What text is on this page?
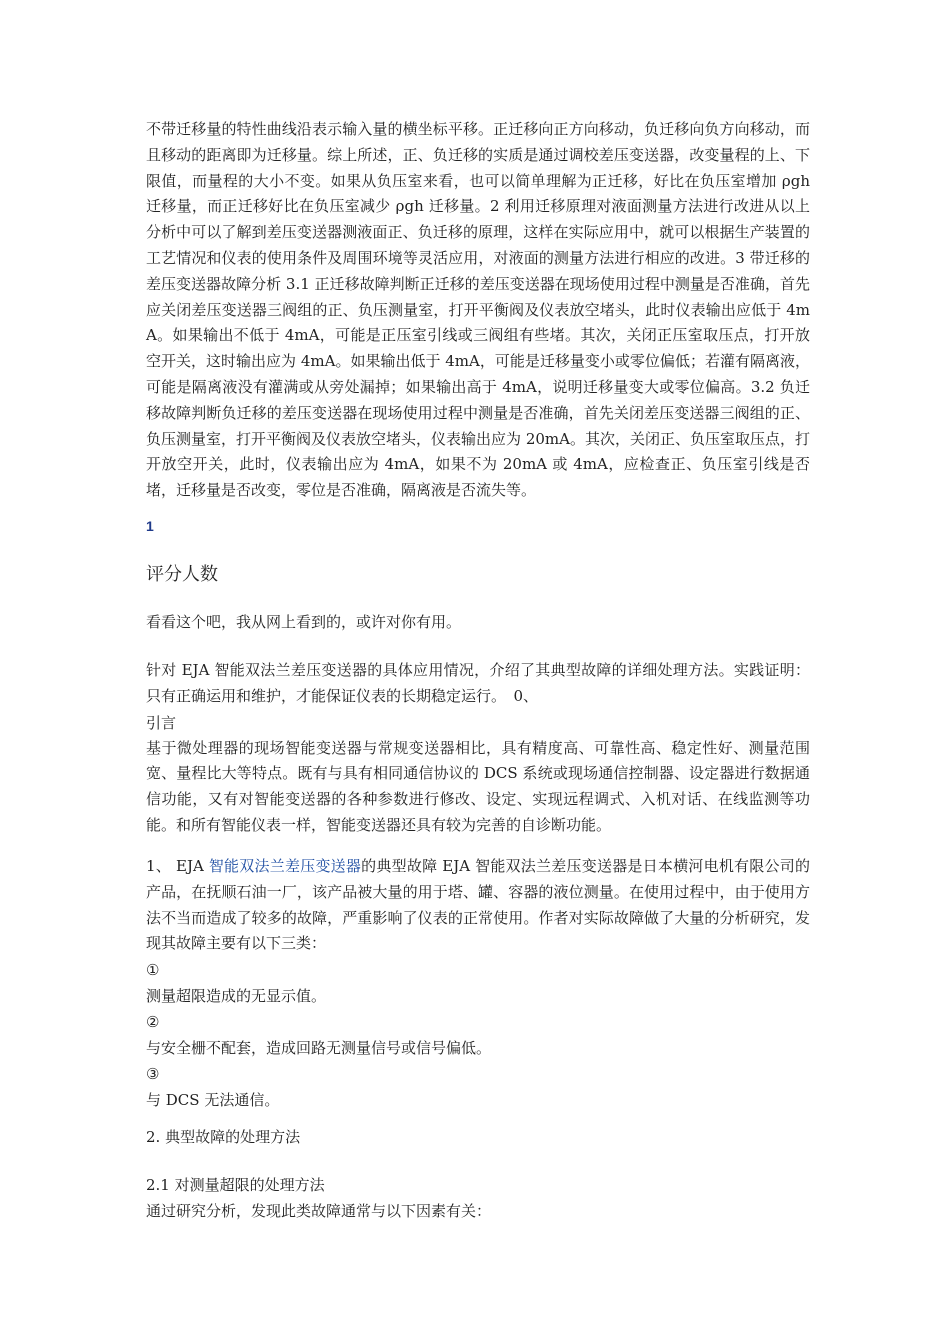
不带迁移量的特性曲线沿表示输入量的横坐标平移。正迁移向正方向移动，负迁移向负方向移动，而且移动的距离即为迁移量。综上所述，正、负迁移的实质是通过调校差压变送器，改变量程的上、下限值，而量程的大小不变。如果从负压室来看，也可以简单理解为正迁移，好比在负压室增加 ρgh 迁移量，而正迁移好比在负压室减少 ρgh 迁移量。2 利用迁移原理对液面测量方法进行改进从以上分析中可以了解到差压变送器测液面正、负迁移的原理，这样在实际应用中，就可以根据生产装置的工艺情况和仪表的使用条件及周围环境等灵活应用，对液面的测量方法进行相应的改进。3 带迁移的差压变送器故障分析 3.1 正迁移故障判断正迁移的差压变送器在现场使用过程中测量是否准确，首先应关闭差压变送器三阀组的正、负压测量室，打开平衡阀及仪表放空堵头，此时仪表输出应低于 4mA。如果输出不低于 4mA，可能是正压室引线或三阀组有些堵。其次，关闭正压室取压点，打开放空开关，这时输出应为 4mA。如果输出低于 4mA，可能是迁移量变小或零位偏低；若灌有隔离液，可能是隔离液没有灌满或从旁处漏掉；如果输出高于 4mA，说明迁移量变大或零位偏高。3.2 负迁移故障判断负迁移的差压变送器在现场使用过程中测量是否准确，首先关闭差压变送器三阀组的正、负压测量室，打开平衡阀及仪表放空堵头，仪表输出应为 20mA。其次，关闭正、负压室取压点，打开放空开关，此时，仪表输出应为 4mA，如果不为 20mA 或 4mA，应检查正、负压室引线是否堵，迁移量是否改变，零位是否准确，隔离液是否流失等。

1

评分人数

看看这个吧，我从网上看到的，或许对你有用。

针对 EJA 智能双法兰差压变送器的具体应用情况，介绍了其典型故障的详细处理方法。实践证明：只有正确运用和维护，才能保证仪表的长期稳定运行。　0、

引言

基于微处理器的现场智能变送器与常规变送器相比，具有精度高、可靠性高、稳定性好、测量范围宽、量程比大等特点。既有与具有相同通信协议的 DCS 系统或现场通信控制器、设定器进行数据通信功能，又有对智能变送器的各种参数进行修改、设定、实现远程调式、入机对话、在线监测等功能。和所有智能仪表一样，智能变送器还具有较为完善的自诊断功能。

1、 EJA 智能双法兰差压变送器的典型故障 EJA 智能双法兰差压变送器是日本横河电机有限公司的产品，在抚顺石油一厂，该产品被大量的用于塔、罐、容器的液位测量。在使用过程中，由于使用方法不当而造成了较多的故障，严重影响了仪表的正常使用。作者对实际故障做了大量的分析研究，发现其故障主要有以下三类：

①

测量超限造成的无显示值。

②

与安全栅不配套，造成回路无测量信号或信号偏低。

③

与 DCS 无法通信。

2. 典型故障的处理方法

2.1 对测量超限的处理方法

通过研究分析，发现此类故障通常与以下因素有关：
